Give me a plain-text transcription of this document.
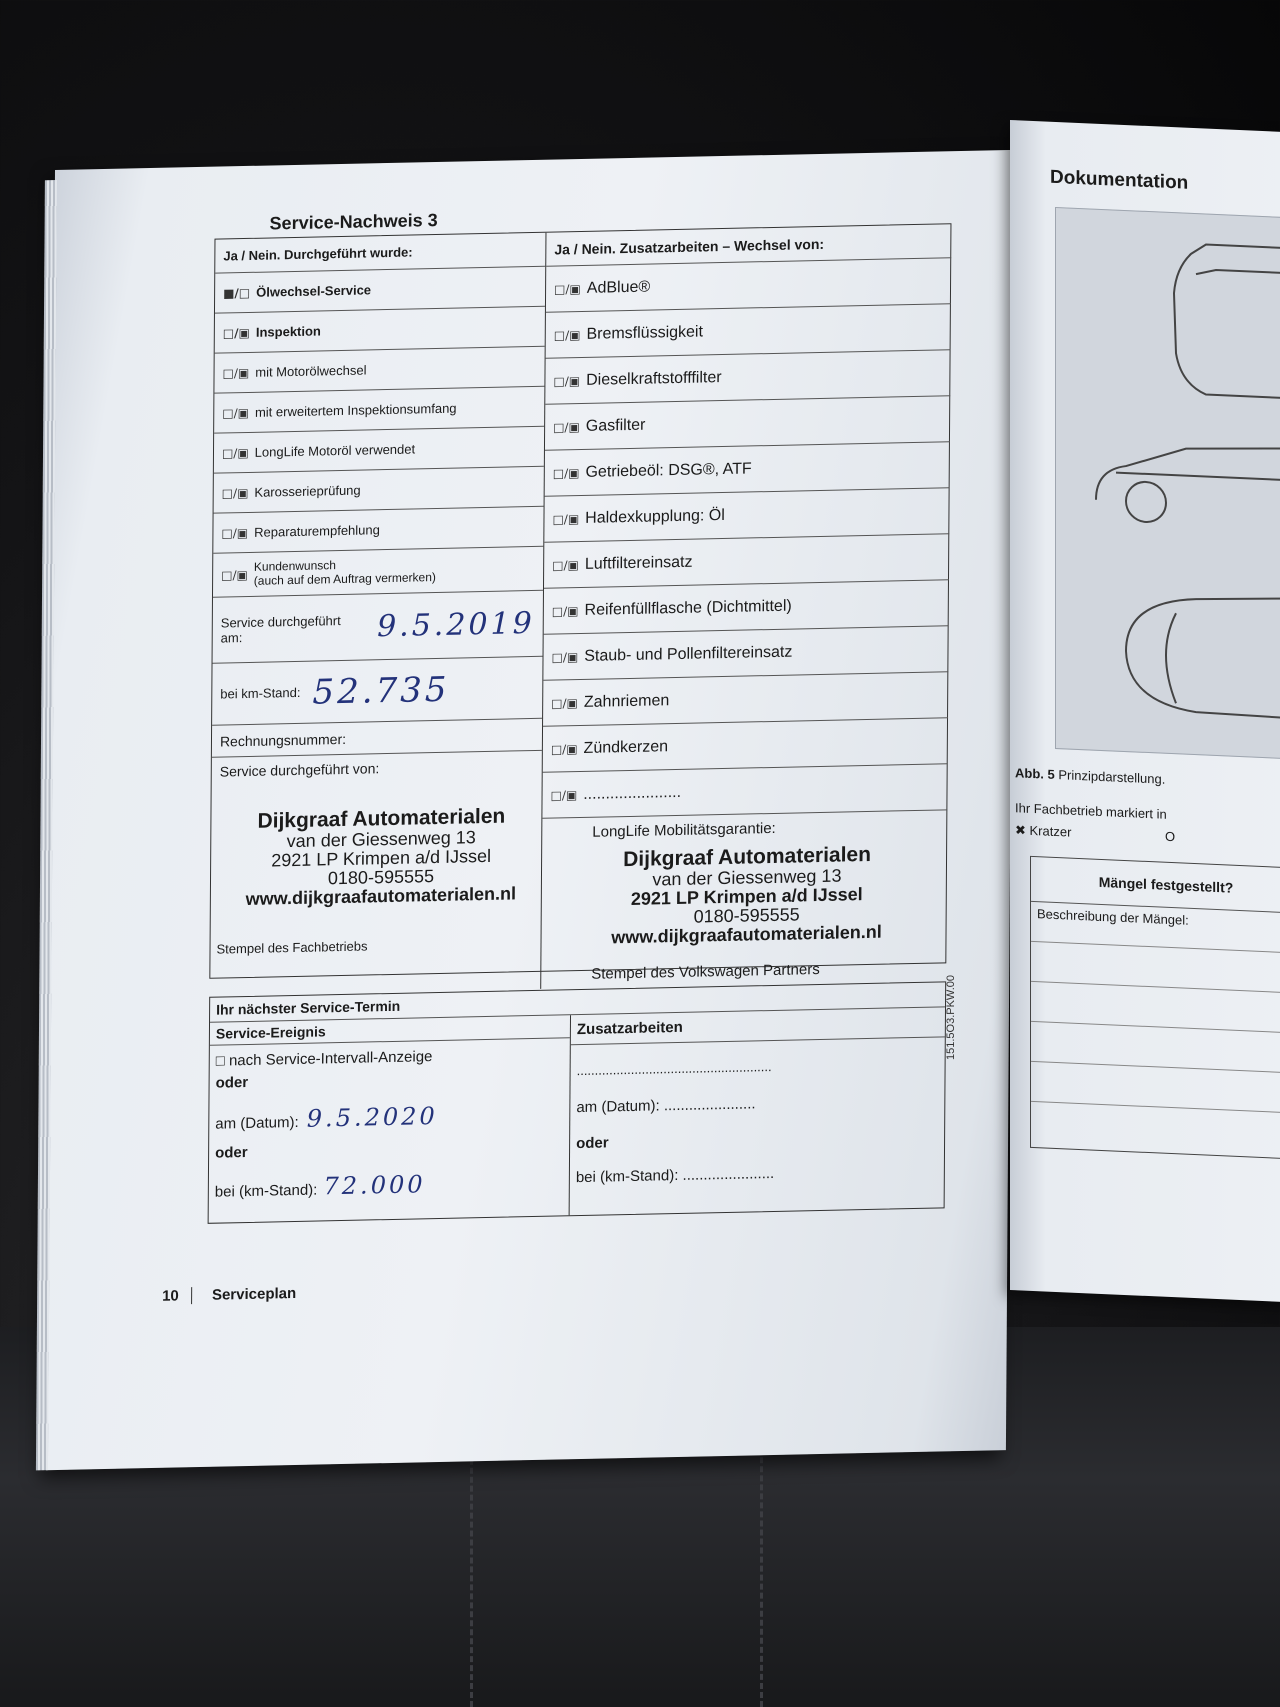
Service-Nachweis 3
Ja / Nein. Durchgeführt wurde:
■/□ Ölwechsel-Service
□/▣ Inspektion
□/▣ mit Motorölwechsel
□/▣ mit erweitertem Inspektionsumfang
□/▣ LongLife Motoröl verwendet
□/▣ Karosserieprüfung
□/▣ Reparaturempfehlung
□/▣
Kundenwunsch
(auch auf dem Auftrag vermerken)
Service durchgeführt am:	9.5.2019
bei km-Stand: 52.735
Rechnungsnummer:
Service durchgeführt von:
Dijkgraaf Automaterialen
van der Giessenweg 13
2921 LP Krimpen a/d IJssel
0180-595555
www.dijkgraafautomaterialen.nl
Stempel des Fachbetriebs
Ja / Nein. Zusatzarbeiten – Wechsel von:
□/▣ AdBlue®
□/▣ Bremsflüssigkeit
□/▣ Dieselkraftstofffilter
□/▣ Gasfilter
□/▣ Getriebeöl: DSG®, ATF
□/▣ Haldexkupplung: Öl
□/▣ Luftfiltereinsatz
□/▣ Reifenfüllflasche (Dichtmittel)
□/▣ Staub- und Pollenfiltereinsatz
□/▣ Zahnriemen
□/▣ Zündkerzen
□/▣ ......................
LongLife Mobilitätsgarantie:
Dijkgraaf Automaterialen
van der Giessenweg 13
2921 LP Krimpen a/d IJssel
0180-595555
www.dijkgraafautomaterialen.nl
Stempel des Volkswagen Partners
Ihr nächster Service-Termin
Service-Ereignis
□ nach Service-Intervall-Anzeige
oder
am (Datum): 9.5.2020
oder
bei (km-Stand): 72.000
Zusatzarbeiten
......................................................
am (Datum): ......................
oder
bei (km-Stand): ......................
10 Serviceplan
151.5O3.PKW.00
Dokumentation
Abb. 5 Prinzipdarstellung.
Ihr Fachbetrieb markiert in
✖ Kratzer	O
Mängel festgestellt?
Beschreibung der Mängel:
